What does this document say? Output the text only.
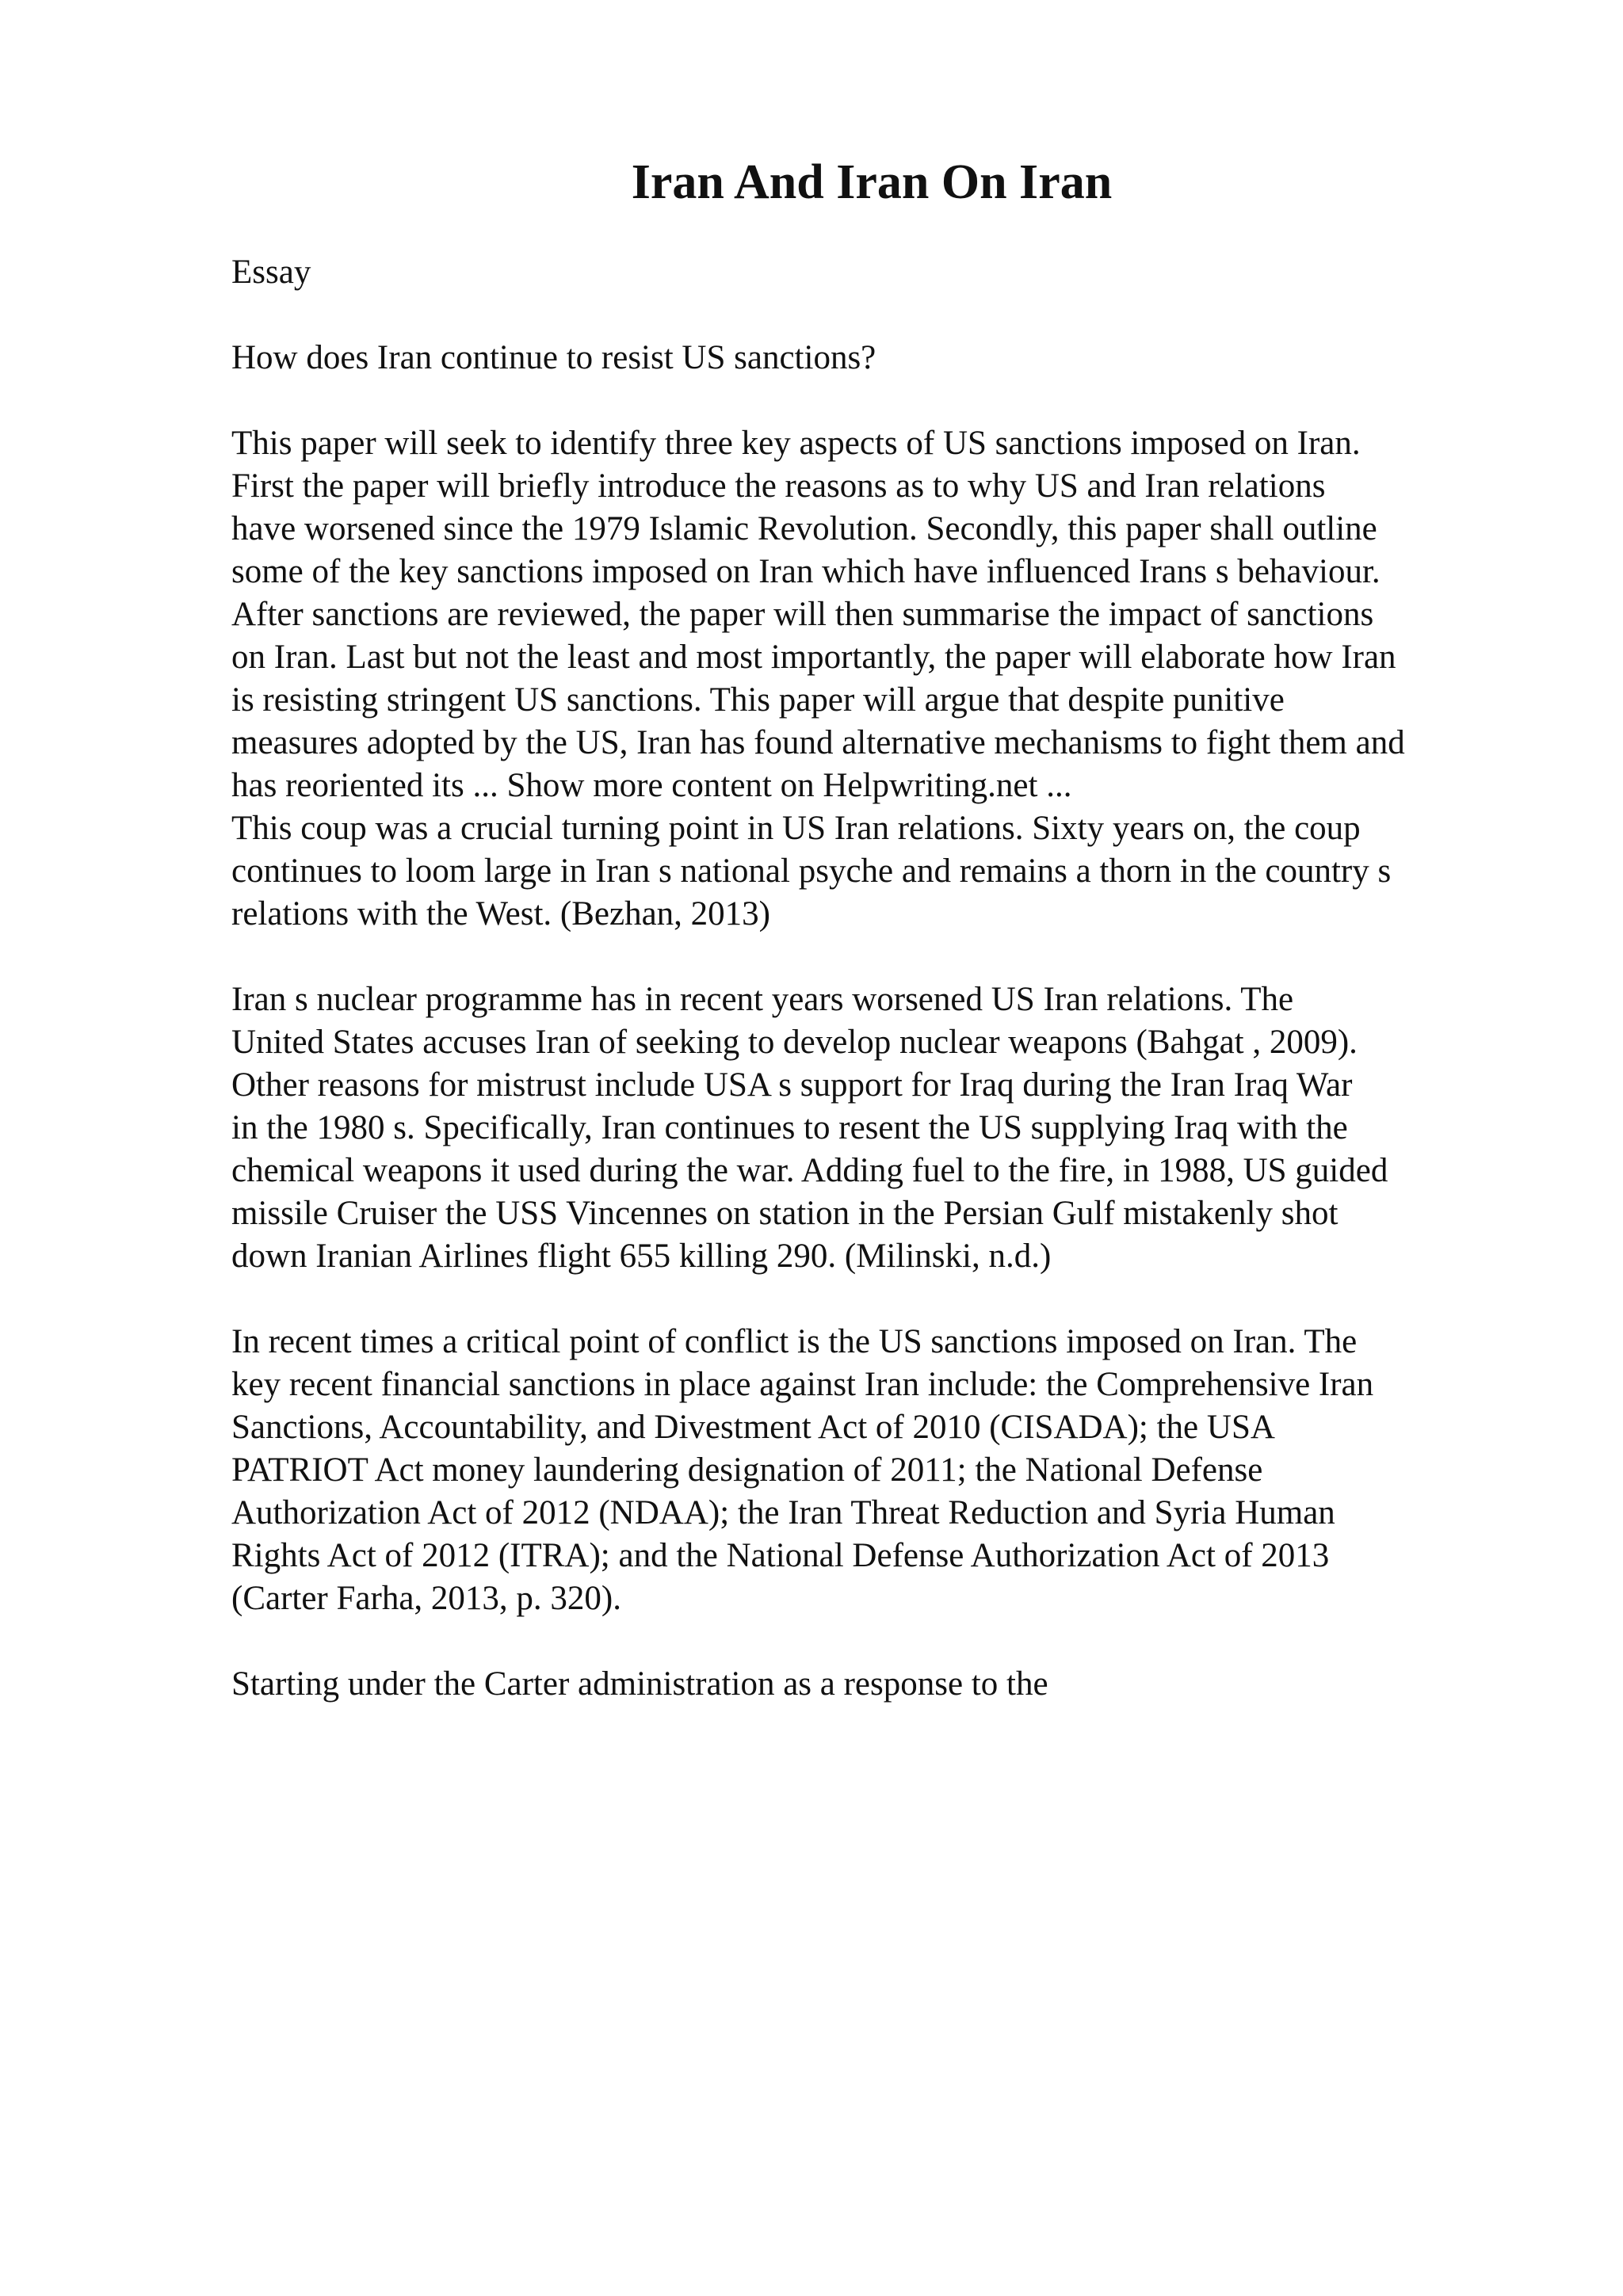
Iran And Iran On Iran
Essay
How does Iran continue to resist US sanctions?
This paper will seek to identify three key aspects of US sanctions imposed on Iran.
First the paper will briefly introduce the reasons as to why US and Iran relations
have worsened since the 1979 Islamic Revolution. Secondly, this paper shall outline
some of the key sanctions imposed on Iran which have influenced Irans s behaviour.
After sanctions are reviewed, the paper will then summarise the impact of sanctions
on Iran. Last but not the least and most importantly, the paper will elaborate how Iran
is resisting stringent US sanctions. This paper will argue that despite punitive
measures adopted by the US, Iran has found alternative mechanisms to fight them and
has reoriented its ... Show more content on Helpwriting.net ...
This coup was a crucial turning point in US Iran relations. Sixty years on, the coup
continues to loom large in Iran s national psyche and remains a thorn in the country s
relations with the West. (Bezhan, 2013)
Iran s nuclear programme has in recent years worsened US Iran relations. The
United States accuses Iran of seeking to develop nuclear weapons (Bahgat , 2009).
Other reasons for mistrust include USA s support for Iraq during the Iran Iraq War
in the 1980 s. Specifically, Iran continues to resent the US supplying Iraq with the
chemical weapons it used during the war. Adding fuel to the fire, in 1988, US guided
missile Cruiser the USS Vincennes on station in the Persian Gulf mistakenly shot
down Iranian Airlines flight 655 killing 290. (Milinski, n.d.)
In recent times a critical point of conflict is the US sanctions imposed on Iran. The
key recent financial sanctions in place against Iran include: the Comprehensive Iran
Sanctions, Accountability, and Divestment Act of 2010 (CISADA); the USA
PATRIOT Act money laundering designation of 2011; the National Defense
Authorization Act of 2012 (NDAA); the Iran Threat Reduction and Syria Human
Rights Act of 2012 (ITRA); and the National Defense Authorization Act of 2013
(Carter Farha, 2013, p. 320).
Starting under the Carter administration as a response to the
